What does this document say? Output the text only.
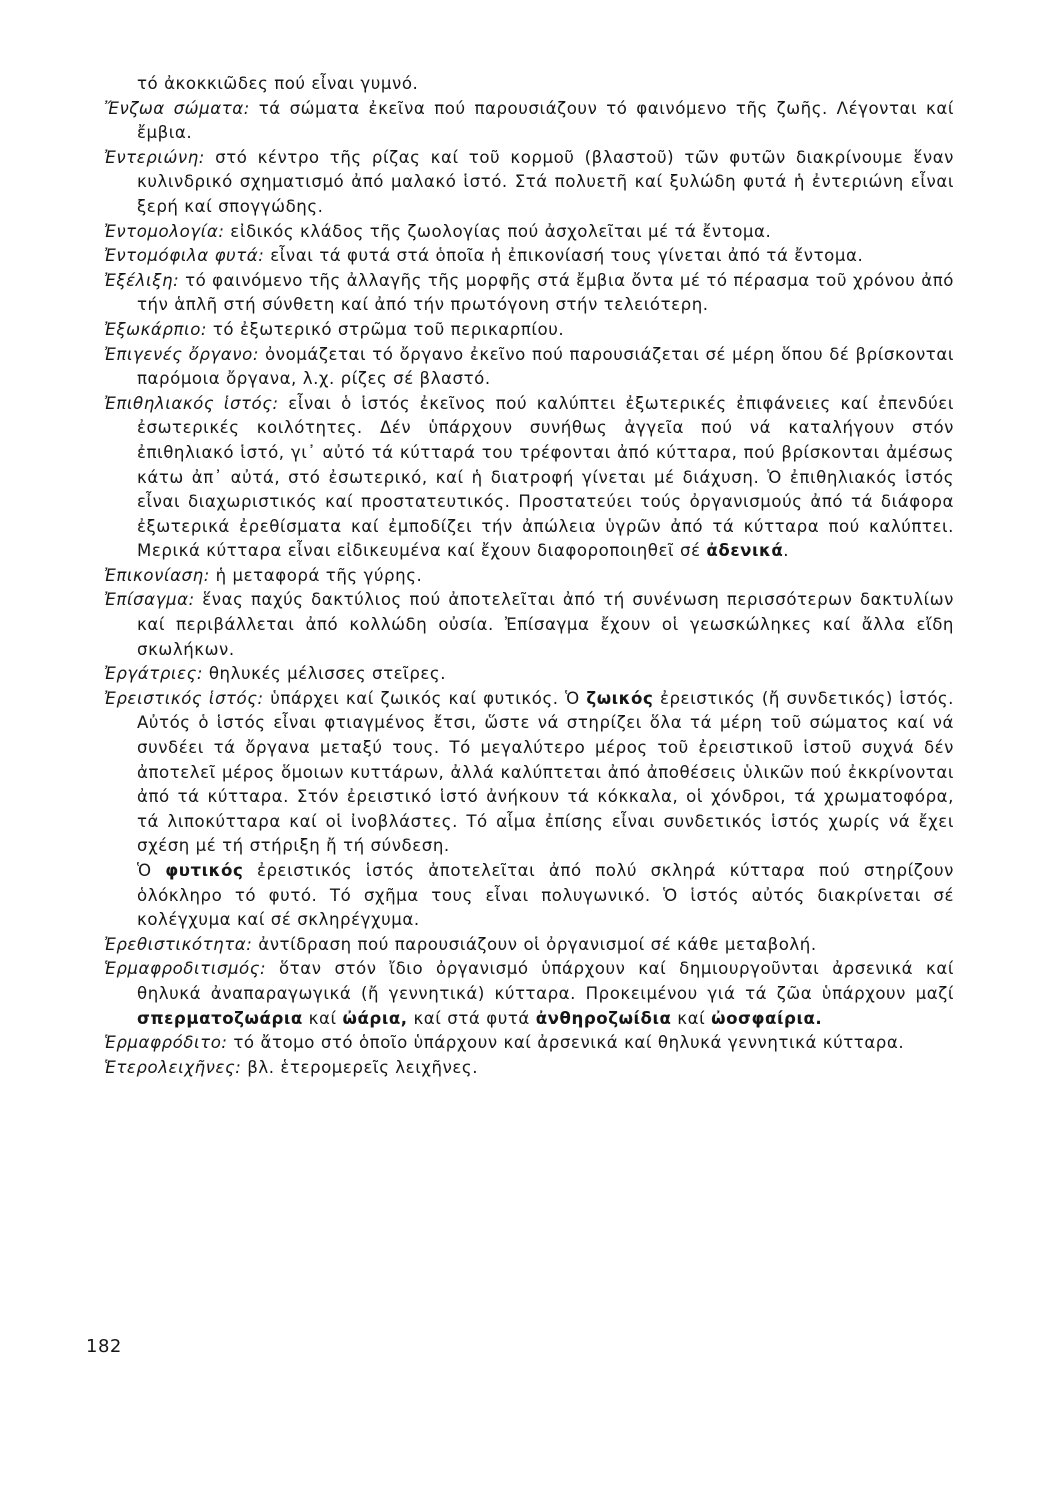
τό ἀκοκκιῶδες πού εἶναι γυμνό.

Ἔνζωα σώματα: τά σώματα ἐκεῖνα πού παρουσιάζουν τό φαινόμενο τῆς ζωῆς. Λέγονται καί ἔμβια.

Ἐντεριώνη: στό κέντρο τῆς ρίζας καί τοῦ κορμοῦ (βλαστοῦ) τῶν φυτῶν διακρίνουμε ἕναν κυλινδρικό σχηματισμό ἀπό μαλακό ἱστό. Στά πολυετῆ καί ξυλώδη φυτά ἡ ἐντεριώνη εἶναι ξερή καί σπογγώδης.

Ἐντομολογία: εἰδικός κλάδος τῆς ζωολογίας πού ἀσχολεῖται μέ τά ἔντομα.

Ἐντομόφιλα φυτά: εἶναι τά φυτά στά ὁποῖα ἡ ἐπικονίασή τους γίνεται ἀπό τά ἔντομα.

Ἐξέλιξη: τό φαινόμενο τῆς ἀλλαγῆς τῆς μορφῆς στά ἔμβια ὄντα μέ τό πέρασμα τοῦ χρόνου ἀπό τήν ἁπλῆ στή σύνθετη καί ἀπό τήν πρωτόγονη στήν τελειότερη.

Ἐξωκάρπιο: τό ἐξωτερικό στρῶμα τοῦ περικαρπίου.

Ἐπιγενές ὄργανο: ὀνομάζεται τό ὄργανο ἐκεῖνο πού παρουσιάζεται σέ μέρη ὅπου δέ βρίσκονται παρόμοια ὄργανα, λ.χ. ρίζες σέ βλαστό.

Ἐπιθηλιακός ἱστός: εἶναι ὁ ἱστός ἐκεῖνος πού καλύπτει ἐξωτερικές ἐπιφάνειες καί ἐπενδύει ἐσωτερικές κοιλότητες. Δέν ὑπάρχουν συνήθως ἀγγεῖα πού νά καταλήγουν στόν ἐπιθηλιακό ἱστό, γι᾽ αὐτό τά κύτταρά του τρέφονται ἀπό κύτταρα, πού βρίσκονται ἀμέσως κάτω ἀπ᾽ αὐτά, στό ἐσωτερικό, καί ἡ διατροφή γίνεται μέ διάχυση. Ὁ ἐπιθηλιακός ἱστός εἶναι διαχωριστικός καί προστατευτικός. Προστατεύει τούς ὀργανισμούς ἀπό τά διάφορα ἐξωτερικά ἐρεθίσματα καί ἐμποδίζει τήν ἀπώλεια ὑγρῶν ἀπό τά κύτταρα πού καλύπτει. Μερικά κύτταρα εἶναι εἰδικευμένα καί ἔχουν διαφοροποιηθεῖ σέ ἀδενικά.

Ἐπικονίαση: ἡ μεταφορά τῆς γύρης.

Ἐπίσαγμα: ἕνας παχύς δακτύλιος πού ἀποτελεῖται ἀπό τή συνένωση περισσότερων δακτυλίων καί περιβάλλεται ἀπό κολλώδη οὐσία. Ἐπίσαγμα ἔχουν οἱ γεωσκώληκες καί ἄλλα εἴδη σκωλήκων.

Ἐργάτριες: θηλυκές μέλισσες στεῖρες.

Ἐρειστικός ἱστός: ὑπάρχει καί ζωικός καί φυτικός. Ὁ ζωικός ἐρειστικός (ἤ συνδετικός) ἱστός. Αὐτός ὁ ἱστός εἶναι φτιαγμένος ἔτσι, ὥστε νά στηρίζει ὅλα τά μέρη τοῦ σώματος καί νά συνδέει τά ὄργανα μεταξύ τους. Τό μεγαλύτερο μέρος τοῦ ἐρειστικοῦ ἱστοῦ συχνά δέν ἀποτελεῖ μέρος ὅμοιων κυττάρων, ἀλλά καλύπτεται ἀπό ἀποθέσεις ὑλικῶν πού ἐκκρίνονται ἀπό τά κύτταρα. Στόν ἐρειστικό ἱστό ἀνήκουν τά κόκκαλα, οἱ χόνδροι, τά χρωματοφόρα, τά λιποκύτταρα καί οἱ ἰνοβλάστες. Τό αἷμα ἐπίσης εἶναι συνδετικός ἱστός χωρίς νά ἔχει σχέση μέ τή στήριξη ἤ τή σύνδεση.

Ὁ φυτικός ἐρειστικός ἱστός ἀποτελεῖται ἀπό πολύ σκληρά κύτταρα πού στηρίζουν ὁλόκληρο τό φυτό. Τό σχῆμα τους εἶναι πολυγωνικό. Ὁ ἱστός αὐτός διακρίνεται σέ κολέγχυμα καί σέ σκληρέγχυμα.

Ἐρεθιστικότητα: ἀντίδραση πού παρουσιάζουν οἱ ὀργανισμοί σέ κάθε μεταβολή.

Ἑρμαφροδιτισμός: ὅταν στόν ἴδιο ὀργανισμό ὑπάρχουν καί δημιουργοῦνται ἀρσενικά καί θηλυκά ἀναπαραγωγικά (ἤ γεννητικά) κύτταρα. Προκειμένου γιά τά ζῶα ὑπάρχουν μαζί σπερματοζωάρια καί ὠάρια, καί στά φυτά ἀνθηροζωίδια καί ὠοσφαίρια.

Ἑρμαφρόδιτο: τό ἄτομο στό ὁποῖο ὑπάρχουν καί ἀρσενικά καί θηλυκά γεννητικά κύτταρα.

Ἑτερολειχῆνες: βλ. ἑτερομερεῖς λειχῆνες.

182
